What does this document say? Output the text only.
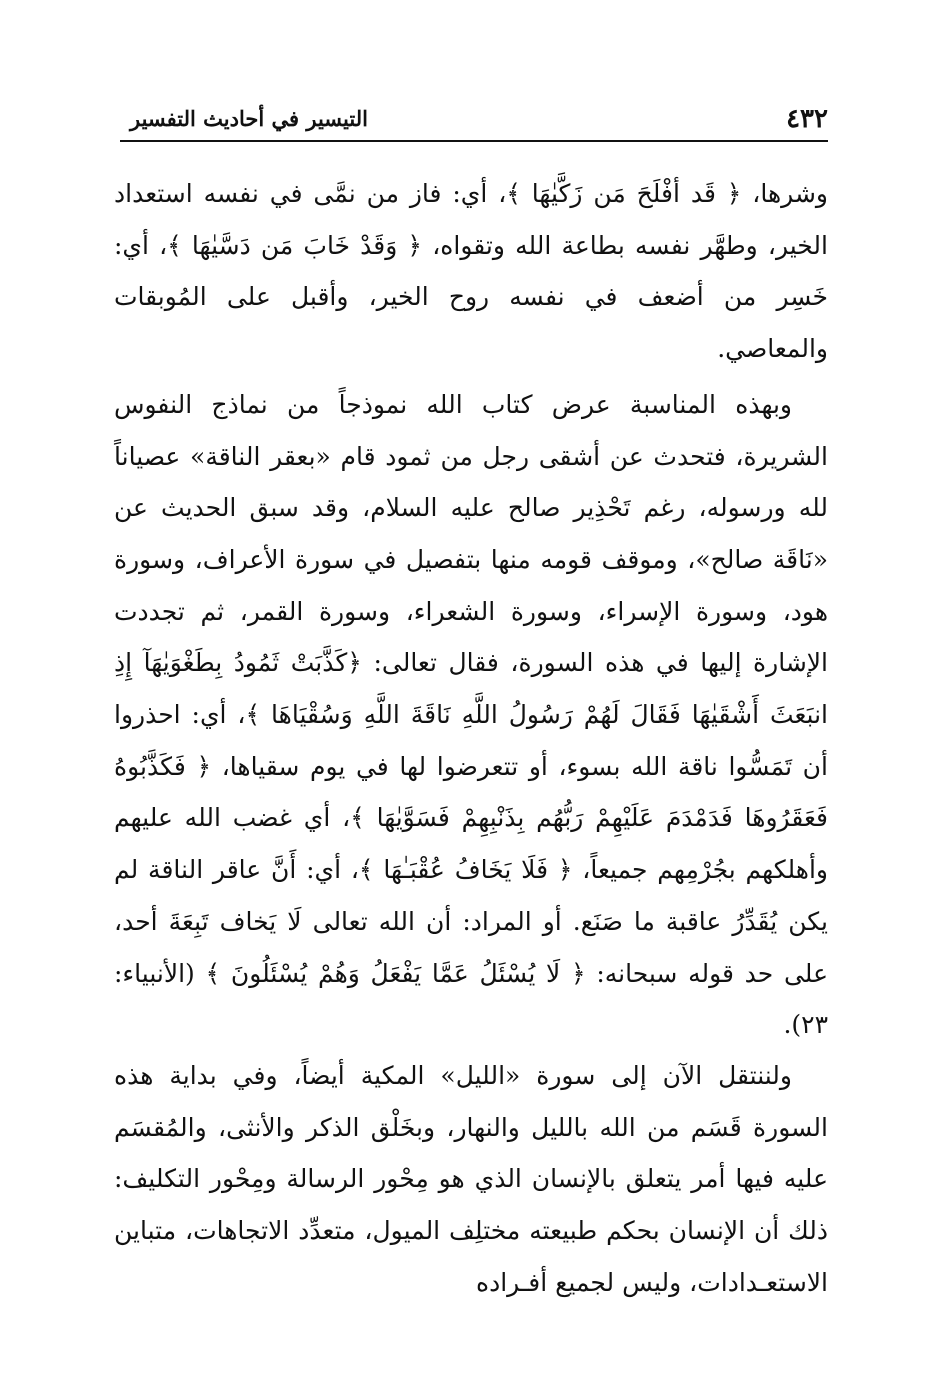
٤٣٢
التيسير في أحاديث التفسير

وشرها، ﴿ قَد أفْلَحَ مَن زَكَّيٰهَا ﴾، أي: فاز من نمَّى في نفسه استعداد الخير، وطهَّر نفسه بطاعة الله وتقواه، ﴿ وَقَدْ خَابَ مَن دَسَّيٰهَا ﴾، أي: خَسِر من أضعف في نفسه روح الخير، وأقبل على المُوبقات والمعاصي.

وبهذه المناسبة عرض كتاب الله نموذجاً من نماذج النفوس الشريرة، فتحدث عن أشقى رجل من ثمود قام «بعقر الناقة» عصياناً لله ورسوله، رغم تَحْذِير صالح عليه السلام، وقد سبق الحديث عن «نَاقَة صالح»، وموقف قومه منها بتفصيل في سورة الأعراف، وسورة هود، وسورة الإسراء، وسورة الشعراء، وسورة القمر، ثم تجددت الإشارة إليها في هذه السورة، فقال تعالى: ﴿كَذَّبَتْ ثَمُودُ بِطَغْوَيٰهَآ إِذِ انبَعَثَ أَشْقَيٰهَا فَقَالَ لَهُمْ رَسُولُ اللَّهِ نَاقَةَ اللَّهِ وَسُقْيَاهَا ﴾، أي: احذروا أن تَمَسُّوا ناقة الله بسوء، أو تتعرضوا لها في يوم سقياها، ﴿ فَكَذَّبُوهُ فَعَقَرُوهَا فَدَمْدَمَ عَلَيْهِمْ رَبُّهُم بِذَنْبِهِمْ فَسَوَّيٰهَا ﴾، أي غضب الله عليهم وأهلكهم بجُرْمِهم جميعاً، ﴿ فَلَا يَخَافُ عُقْبَـٰهَا ﴾، أي: أَنَّ عاقر الناقة لم يكن يُقَدِّرُ عاقبة ما صَنَع. أو المراد: أن الله تعالى لَا يَخاف تَبِعَةَ أحد، على حد قوله سبحانه: ﴿ لَا يُسْئَلُ عَمَّا يَفْعَلُ وَهُمْ يُسْئَلُونَ ﴾ (الأنبياء: ٢٣).

ولننتقل الآن إلى سورة «الليل» المكية أيضاً، وفي بداية هذه السورة قَسَم من الله بالليل والنهار، وبخَلْق الذكر والأنثى، والمُقسَم عليه فيها أمر يتعلق بالإنسان الذي هو مِحْور الرسالة ومِحْور التكليف: ذلك أن الإنسان بحكم طبيعته مختلِف الميول، متعدِّد الاتجاهات، متباين الاستعـدادات، وليس لجميع أفـراده
